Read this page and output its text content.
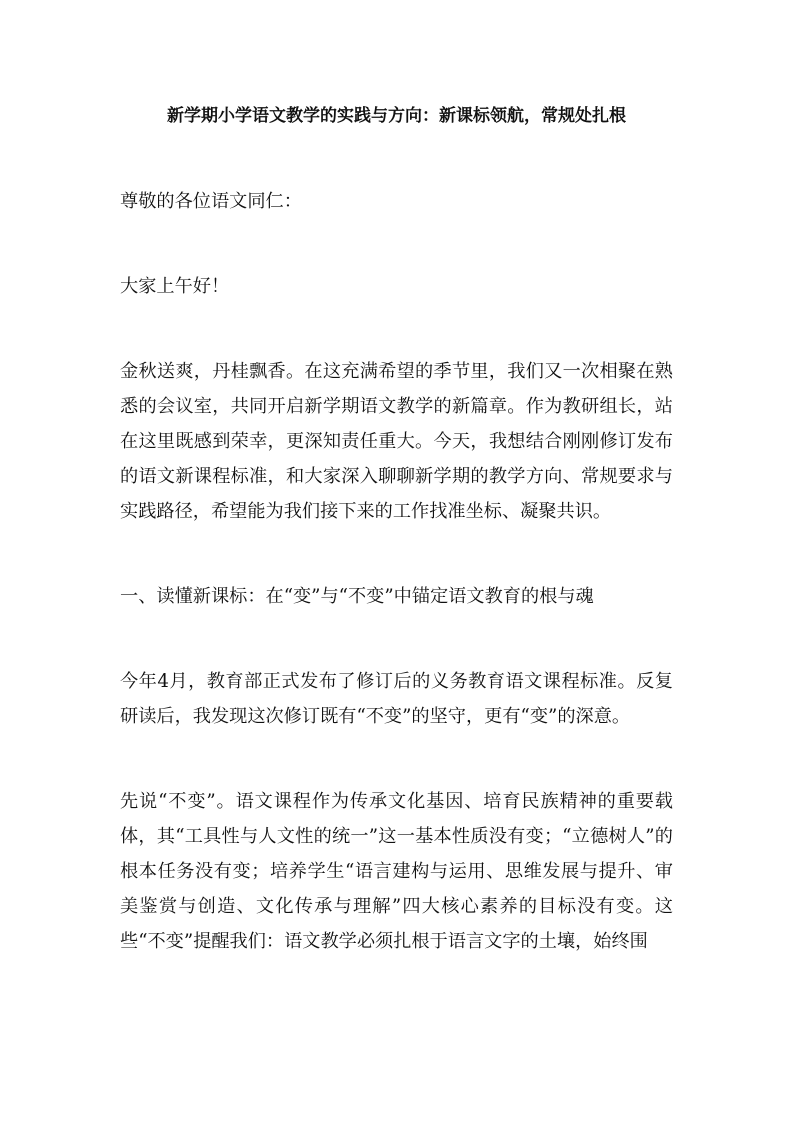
新学期小学语文教学的实践与方向：新课标领航，常规处扎根

尊敬的各位语文同仁：

大家上午好！

金秋送爽，丹桂飘香。在这充满希望的季节里，我们又一次相聚在熟悉的会议室，共同开启新学期语文教学的新篇章。作为教研组长，站在这里既感到荣幸，更深知责任重大。今天，我想结合刚刚修订发布的语文新课程标准，和大家深入聊聊新学期的教学方向、常规要求与实践路径，希望能为我们接下来的工作找准坐标、凝聚共识。

一、读懂新课标：在“变”与“不变”中锚定语文教育的根与魂

今年4月，教育部正式发布了修订后的义务教育语文课程标准。反复研读后，我发现这次修订既有“不变”的坚守，更有“变”的深意。

先说“不变”。语文课程作为传承文化基因、培育民族精神的重要载体，其“工具性与人文性的统一”这一基本性质没有变；“立德树人”的根本任务没有变；培养学生“语言建构与运用、思维发展与提升、审美鉴赏与创造、文化传承与理解”四大核心素养的目标没有变。这些“不变”提醒我们：语文教学必须扎根于语言文字的土壤，始终围
